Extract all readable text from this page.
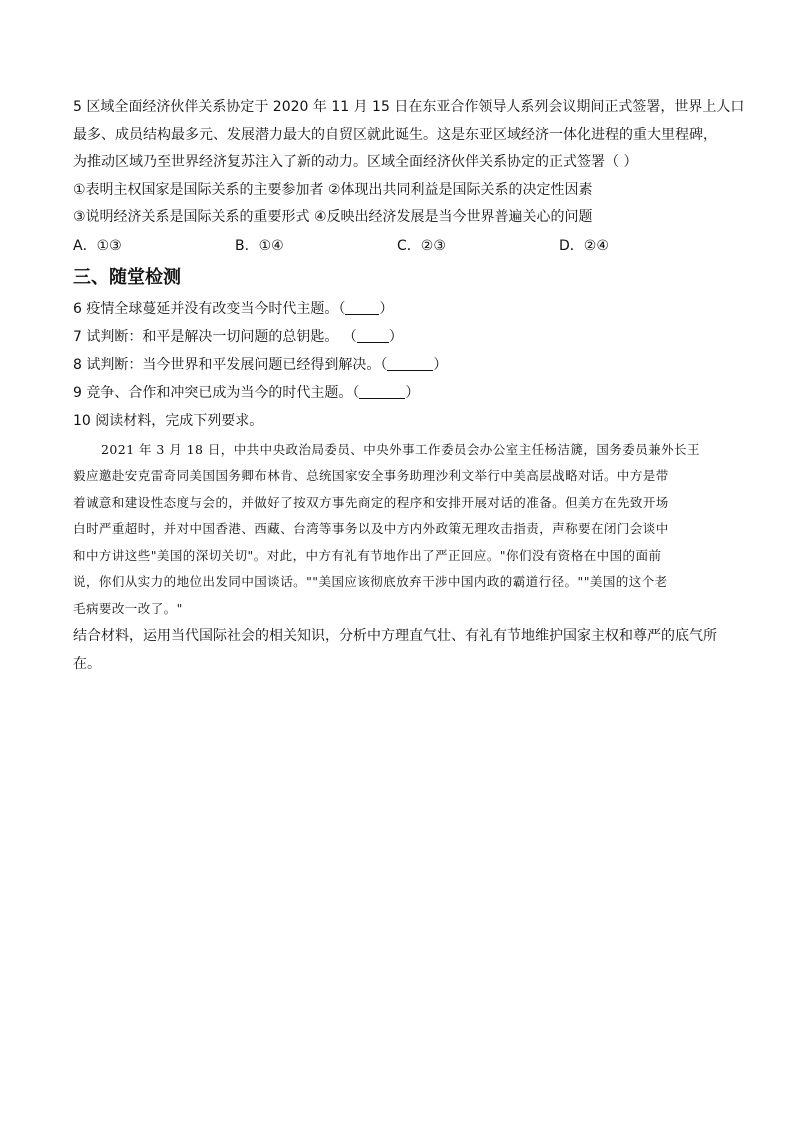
5 区域全面经济伙伴关系协定于 2020 年 11 月 15 日在东亚合作领导人系列会议期间正式签署，世界上人口
最多、成员结构最多元、发展潜力最大的自贸区就此诞生。这是东亚区域经济一体化进程的重大里程碑，
为推动区域乃至世界经济复苏注入了新的动力。区域全面经济伙伴关系协定的正式签署（ ）
①表明主权国家是国际关系的主要参加者 ②体现出共同利益是国际关系的决定性因素
③说明经济关系是国际关系的重要形式 ④反映出经济发展是当今世界普遍关心的问题
A．①③	B．①④	C．②③	D．②④
三、随堂检测
6 疫情全球蔓延并没有改变当今时代主题。（ ）
7 试判断：和平是解决一切问题的总钥匙。 （ ）
8 试判断：当今世界和平发展问题已经得到解决。（	）
9 竞争、合作和冲突已成为当今的时代主题。（	）
10 阅读材料，完成下列要求。
2021 年 3 月 18 日，中共中央政治局委员、中央外事工作委员会办公室主任杨洁篪，国务委员兼外长王
毅应邀赴安克雷奇同美国国务卿布林肯、总统国家安全事务助理沙利文举行中美高层战略对话。中方是带
着诚意和建设性态度与会的，并做好了按双方事先商定的程序和安排开展对话的准备。但美方在先致开场
白时严重超时，并对中国香港、西藏、台湾等事务以及中方内外政策无理攻击指责，声称要在闭门会谈中
和中方讲这些"美国的深切关切"。对此，中方有礼有节地作出了严正回应。"你们没有资格在中国的面前
说，你们从实力的地位出发同中国谈话。""美国应该彻底放弃干涉中国内政的霸道行径。""美国的这个老
毛病要改一改了。"
结合材料，运用当代国际社会的相关知识，分析中方理直气壮、有礼有节地维护国家主权和尊严的底气所
在。
